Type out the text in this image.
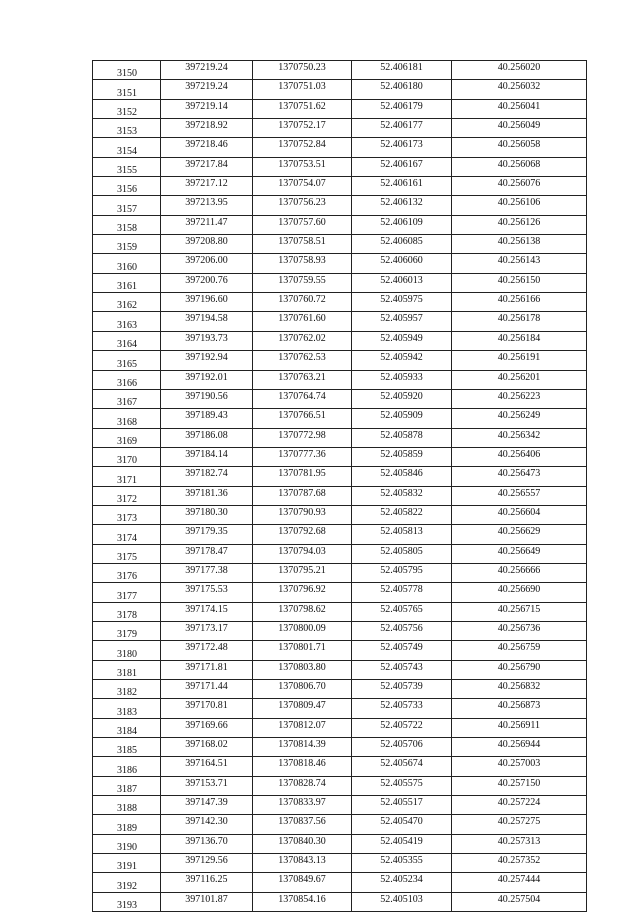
3150	397219.24	1370750.23	52.406181	40.256020
3151	397219.24	1370751.03	52.406180	40.256032
3152	397219.14	1370751.62	52.406179	40.256041
3153	397218.92	1370752.17	52.406177	40.256049
3154	397218.46	1370752.84	52.406173	40.256058
3155	397217.84	1370753.51	52.406167	40.256068
3156	397217.12	1370754.07	52.406161	40.256076
3157	397213.95	1370756.23	52.406132	40.256106
3158	397211.47	1370757.60	52.406109	40.256126
3159	397208.80	1370758.51	52.406085	40.256138
3160	397206.00	1370758.93	52.406060	40.256143
3161	397200.76	1370759.55	52.406013	40.256150
3162	397196.60	1370760.72	52.405975	40.256166
3163	397194.58	1370761.60	52.405957	40.256178
3164	397193.73	1370762.02	52.405949	40.256184
3165	397192.94	1370762.53	52.405942	40.256191
3166	397192.01	1370763.21	52.405933	40.256201
3167	397190.56	1370764.74	52.405920	40.256223
3168	397189.43	1370766.51	52.405909	40.256249
3169	397186.08	1370772.98	52.405878	40.256342
3170	397184.14	1370777.36	52.405859	40.256406
3171	397182.74	1370781.95	52.405846	40.256473
3172	397181.36	1370787.68	52.405832	40.256557
3173	397180.30	1370790.93	52.405822	40.256604
3174	397179.35	1370792.68	52.405813	40.256629
3175	397178.47	1370794.03	52.405805	40.256649
3176	397177.38	1370795.21	52.405795	40.256666
3177	397175.53	1370796.92	52.405778	40.256690
3178	397174.15	1370798.62	52.405765	40.256715
3179	397173.17	1370800.09	52.405756	40.256736
3180	397172.48	1370801.71	52.405749	40.256759
3181	397171.81	1370803.80	52.405743	40.256790
3182	397171.44	1370806.70	52.405739	40.256832
3183	397170.81	1370809.47	52.405733	40.256873
3184	397169.66	1370812.07	52.405722	40.256911
3185	397168.02	1370814.39	52.405706	40.256944
3186	397164.51	1370818.46	52.405674	40.257003
3187	397153.71	1370828.74	52.405575	40.257150
3188	397147.39	1370833.97	52.405517	40.257224
3189	397142.30	1370837.56	52.405470	40.257275
3190	397136.70	1370840.30	52.405419	40.257313
3191	397129.56	1370843.13	52.405355	40.257352
3192	397116.25	1370849.67	52.405234	40.257444
3193	397101.87	1370854.16	52.405103	40.257504
